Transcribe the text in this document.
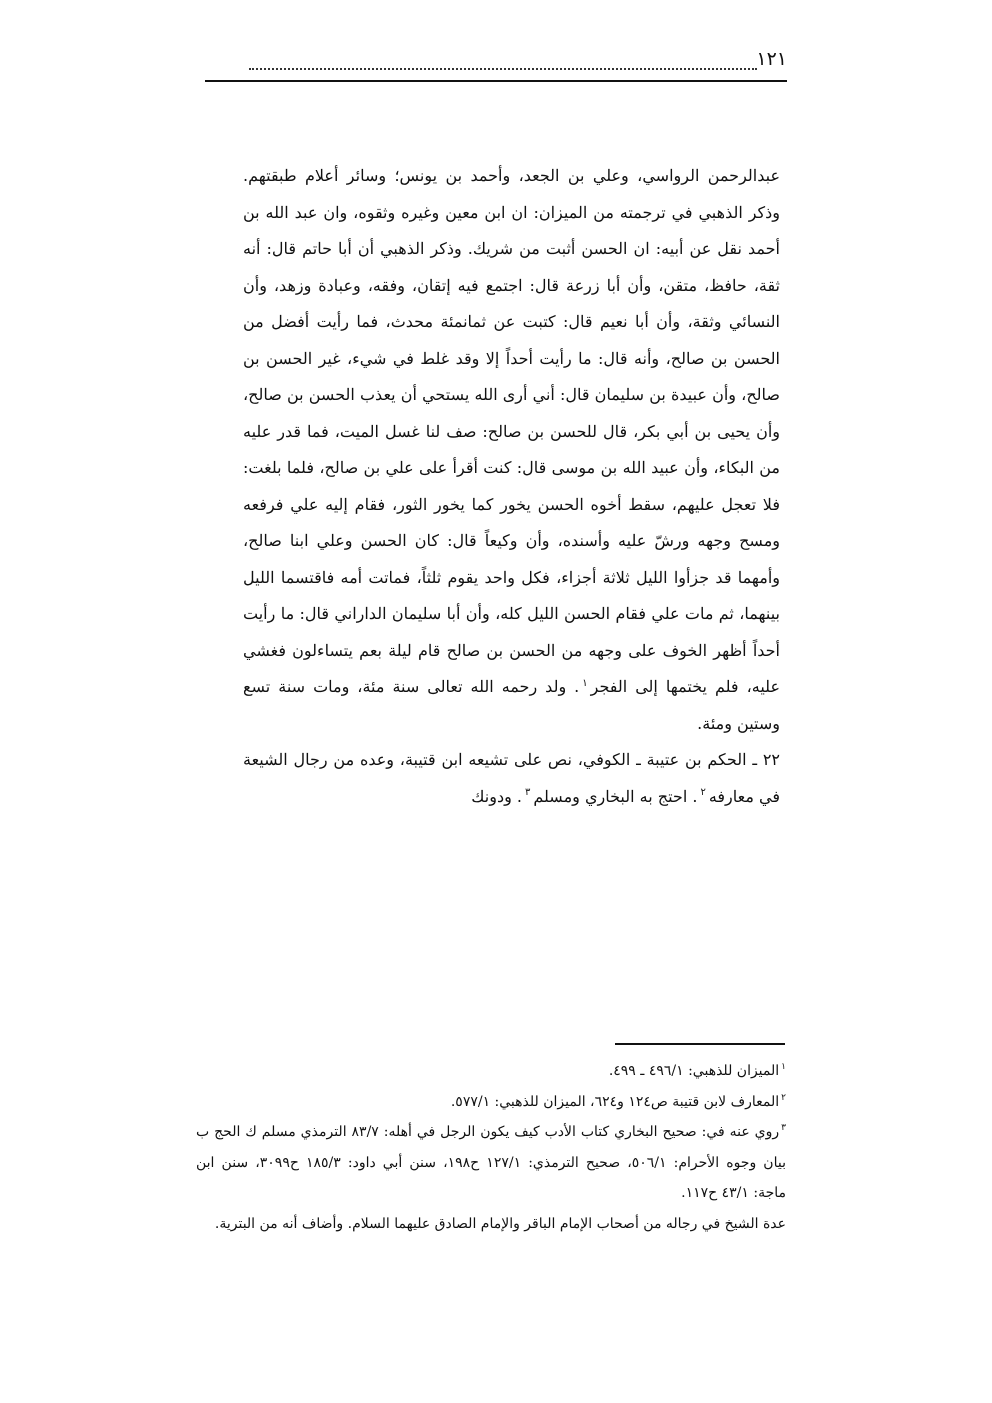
١٢١

عبدالرحمن الرواسي، وعلي بن الجعد، وأحمد بن يونس؛ وسائر أعلام طبقتهم. وذكر الذهبي في ترجمته من الميزان: ان ابن معين وغيره وثقوه، وان عبد الله بن أحمد نقل عن أبيه: ان الحسن أثبت من شريك. وذكر الذهبي أن أبا حاتم قال: أنه ثقة، حافظ، متقن، وأن أبا زرعة قال: اجتمع فيه إتقان، وفقه، وعبادة وزهد، وأن النسائي وثقة، وأن أبا نعيم قال: كتبت عن ثمانمئة محدث، فما رأيت أفضل من الحسن بن صالح، وأنه قال: ما رأيت أحداً إلا وقد غلط في شيء، غير الحسن بن صالح، وأن عبيدة بن سليمان قال: أني أرى الله يستحي أن يعذب الحسن بن صالح، وأن يحيى بن أبي بكر، قال للحسن بن صالح: صف لنا غسل الميت، فما قدر عليه من البكاء، وأن عبيد الله بن موسى قال: كنت أقرأ على علي بن صالح، فلما بلغت: فلا تعجل عليهم، سقط أخوه الحسن يخور كما يخور الثور، فقام إليه علي فرفعه ومسح وجهه ورشّ عليه وأسنده، وأن وكيعاً قال: كان الحسن وعلي ابنا صالح، وأمهما قد جزأوا الليل ثلاثة أجزاء، فكل واحد يقوم ثلثاً، فماتت أمه فاقتسما الليل بينهما، ثم مات علي فقام الحسن الليل كله، وأن أبا سليمان الداراني قال: ما رأيت أحداً أظهر الخوف على وجهه من الحسن بن صالح قام ليلة بعم يتساءلون فغشي عليه، فلم يختمها إلى الفجر$^١$. ولد رحمه الله تعالى سنة مئة، ومات سنة تسع وستين ومئة.

٢٢ ـ الحكم بن عتيبة ـ الكوفي، نص على تشيعه ابن قتيبة، وعده من رجال الشيعة في معارفه$^٢$. احتج به البخاري ومسلم$^٣$. ودونك

$^١$الميزان للذهبي: ٤٩٦/١ ـ ٤٩٩.

$^٢$المعارف لابن قتيبة ص١٢٤ و٦٢٤، الميزان للذهبي: ٥٧٧/١.

$^٣$روي عنه في: صحيح البخاري كتاب الأدب كيف يكون الرجل في أهله: ٨٣/٧ الترمذي مسلم ك الحج ب بيان وجوه الأحرام: ٥٠٦/١، صحيح الترمذي: ١٢٧/١ ح١٩٨، سنن أبي داود: ١٨٥/٣ ح٣٠٩٩، سنن ابن ماجة: ٤٣/١ ح١١٧.

عدة الشيخ في رجاله من أصحاب الإمام الباقر والإمام الصادق عليهما السلام. وأضاف أنه من البترية.
